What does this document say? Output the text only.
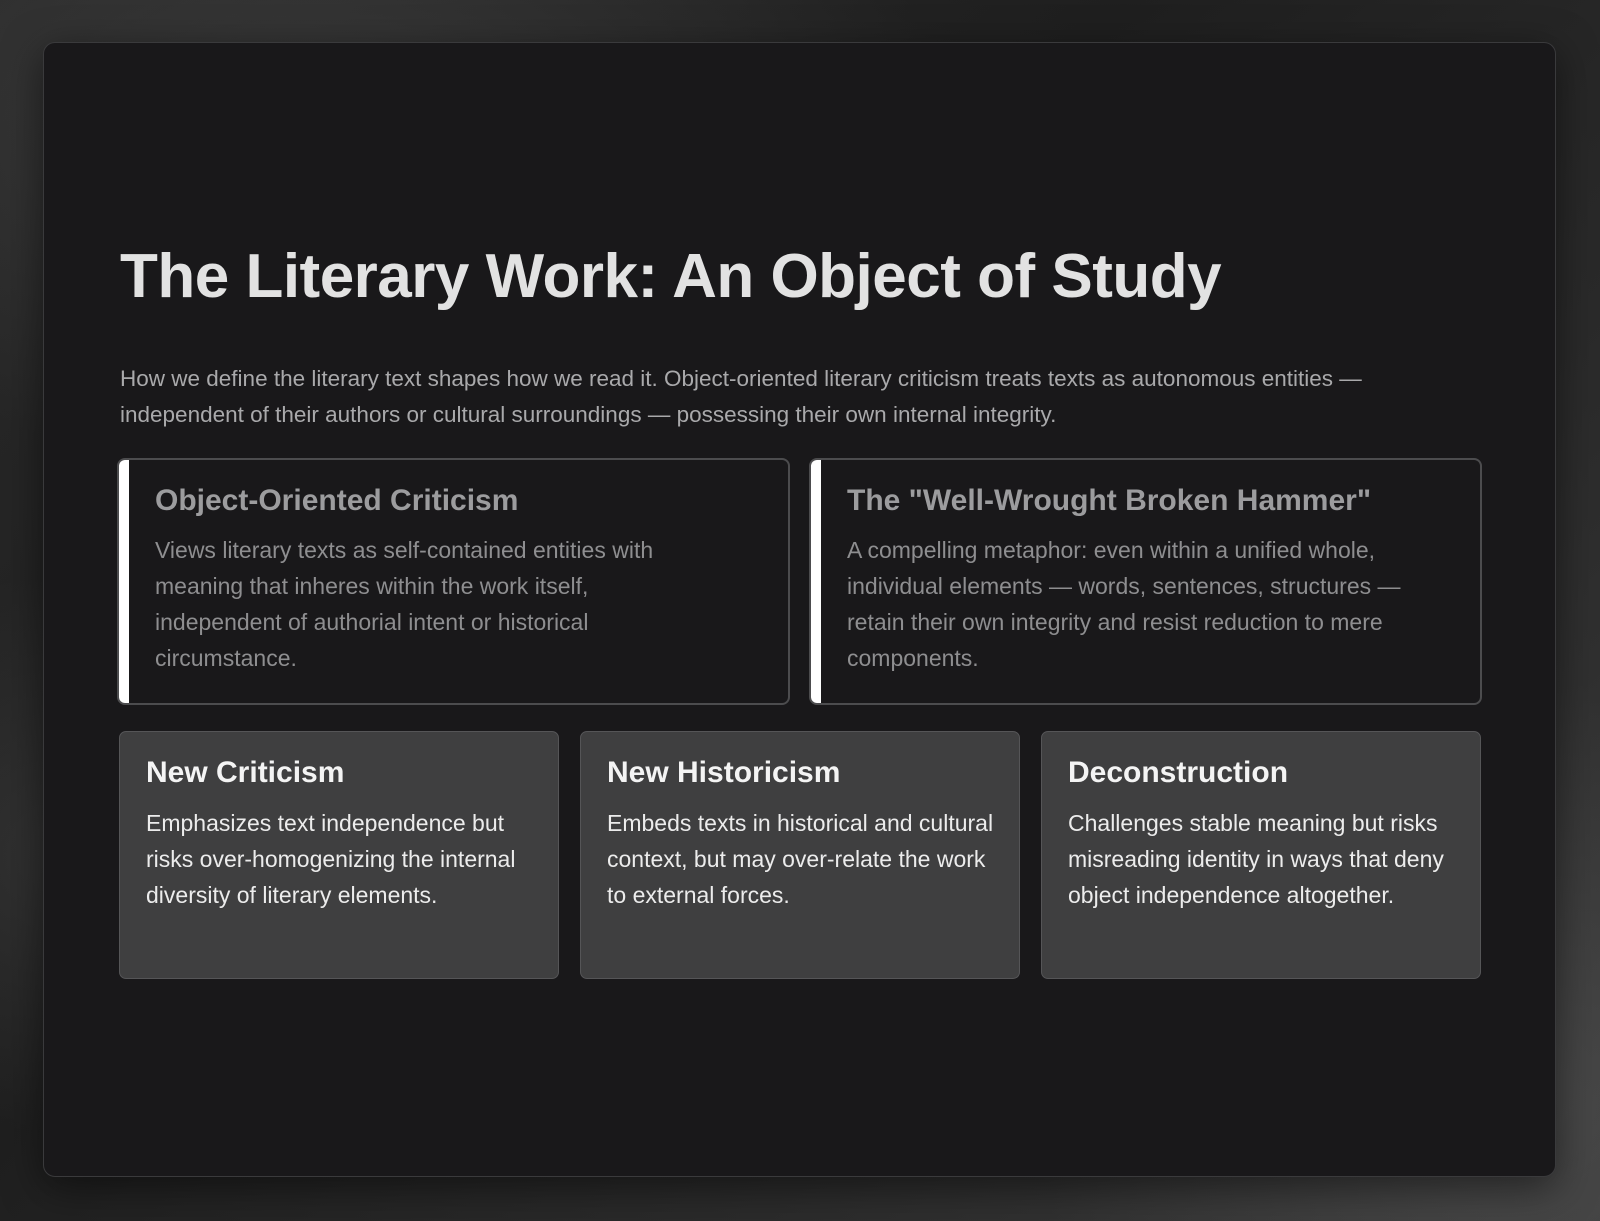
The Literary Work: An Object of Study

How we define the literary text shapes how we read it. Object-oriented literary criticism treats texts as autonomous entities — independent of their authors or cultural surroundings — possessing their own internal integrity.

Object-Oriented Criticism

Views literary texts as self-contained entities with meaning that inheres within the work itself, independent of authorial intent or historical circumstance.

The "Well-Wrought Broken Hammer"

A compelling metaphor: even within a unified whole, individual elements — words, sentences, structures — retain their own integrity and resist reduction to mere components.

New Criticism

Emphasizes text independence but risks over-homogenizing the internal diversity of literary elements.

New Historicism

Embeds texts in historical and cultural context, but may over-relate the work to external forces.

Deconstruction

Challenges stable meaning but risks misreading identity in ways that deny object independence altogether.
